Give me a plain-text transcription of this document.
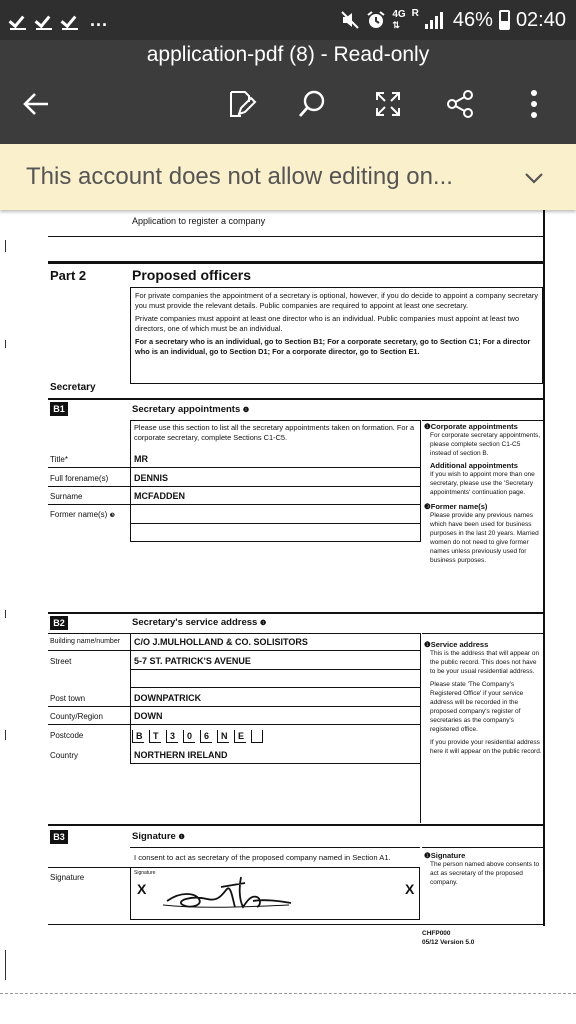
...	4G
⇅
R 46% 02:40
application-pdf (8) - Read-only
This account does not allow editing on...
Application to register a company
Part 2	Proposed officers
For private companies the appointment of a secretary is optional, however, if you do decide to appoint a company secretary you must provide the relevant details. Public companies are required to appoint at least one secretary.
Private companies must appoint at least one director who is an individual. Public companies must appoint at least two directors, one of which must be an individual.
For a secretary who is an individual, go to Section B1; For a corporate secretary, go to Section C1; For a director who is an individual, go to Section D1; For a corporate director, go to Section E1.
Secretary
B1	Secretary appointments ❶
Please use this section to list all the secretary appointments taken on formation. For a corporate secretary, complete Sections C1-C5.
Title*	MR
Full forename(s)	DENNIS
Surname	MCFADDEN
Former name(s) ❸
❶Corporate appointments
For corporate secretary appointments, please complete section C1-C5 instead of section B.
Additional appointments
If you wish to appoint more than one secretary, please use the 'Secretary appointments' continuation page.
❸Former name(s)
Please provide any previous names which have been used for business purposes in the last 20 years. Married women do not need to give former names unless previously used for business purposes.
B2	Secretary's service address ❶
Building name/number C/O J.MULHOLLAND & CO. SOLISITORS
Street	5-7 ST. PATRICK'S AVENUE
Post town	DOWNPATRICK
County/Region	DOWN
Postcode	B	T	3	0	6	N	E
Country	NORTHERN IRELAND
❶Service address
This is the address that will appear on the public record. This does not have to be your usual residential address.
Please state 'The Company's Registered Office' if your service address will be recorded in the proposed company's register of secretaries as the company's registered office.
If you provide your residential address here it will appear on the public record.
B3	Signature ❶
I consent to act as secretary of the proposed company named in Section A1.
Signature	Signature
X	X
❶Signature
The person named above consents to act as secretary of the proposed company.
CHFP000
05/12 Version 5.0
